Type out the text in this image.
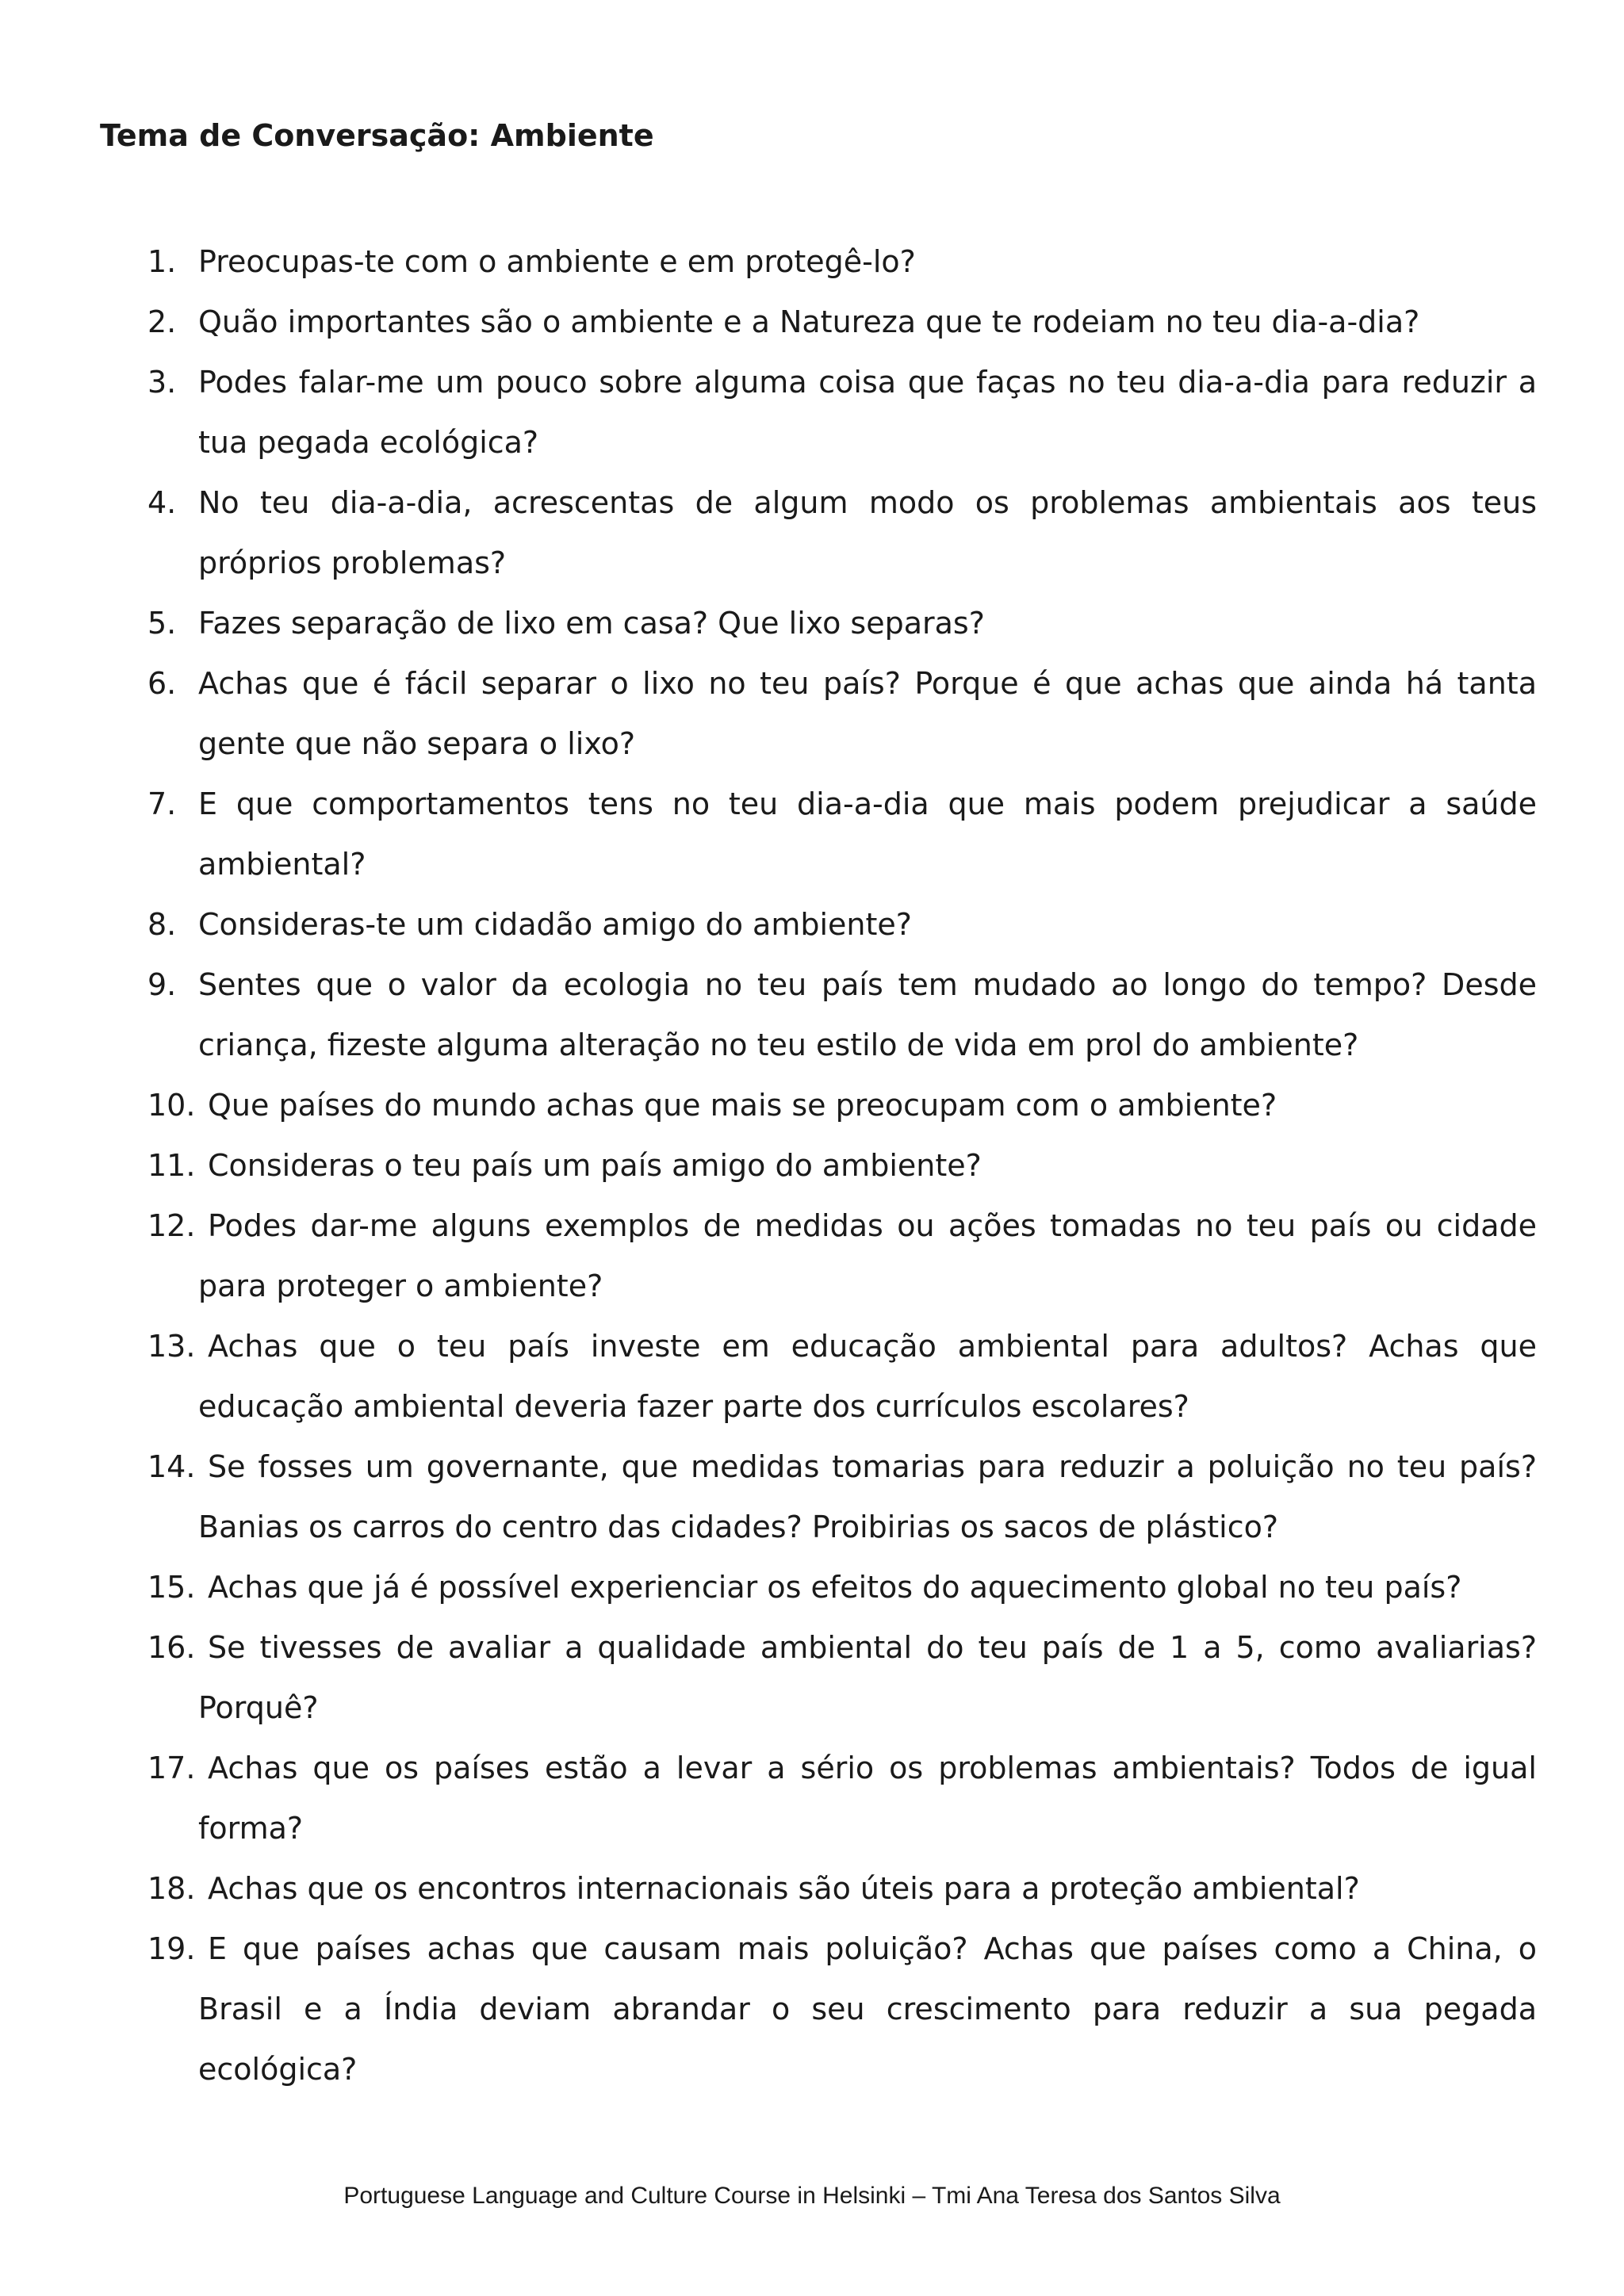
Tema de Conversação: Ambiente
1. Preocupas-te com o ambiente e em protegê-lo?
2. Quão importantes são o ambiente e a Natureza que te rodeiam no teu dia-a-dia?
3. Podes falar-me um pouco sobre alguma coisa que faças no teu dia-a-dia para reduzir a tua pegada ecológica?
4. No teu dia-a-dia, acrescentas de algum modo os problemas ambientais aos teus próprios problemas?
5. Fazes separação de lixo em casa? Que lixo separas?
6. Achas que é fácil separar o lixo no teu país? Porque é que achas que ainda há tanta gente que não separa o lixo?
7. E que comportamentos tens no teu dia-a-dia que mais podem prejudicar a saúde ambiental?
8. Consideras-te um cidadão amigo do ambiente?
9. Sentes que o valor da ecologia no teu país tem mudado ao longo do tempo? Desde criança, fizeste alguma alteração no teu estilo de vida em prol do ambiente?
10. Que países do mundo achas que mais se preocupam com o ambiente?
11. Consideras o teu país um país amigo do ambiente?
12. Podes dar-me alguns exemplos de medidas ou ações tomadas no teu país ou cidade para proteger o ambiente?
13. Achas que o teu país investe em educação ambiental para adultos? Achas que educação ambiental deveria fazer parte dos currículos escolares?
14. Se fosses um governante, que medidas tomarias para reduzir a poluição no teu país? Banias os carros do centro das cidades? Proibirias os sacos de plástico?
15. Achas que já é possível experienciar os efeitos do aquecimento global no teu país?
16. Se tivesses de avaliar a qualidade ambiental do teu país de 1 a 5, como avaliarias? Porquê?
17. Achas que os países estão a levar a sério os problemas ambientais? Todos de igual forma?
18. Achas que os encontros internacionais são úteis para a proteção ambiental?
19. E que países achas que causam mais poluição? Achas que países como a China, o Brasil e a Índia deviam abrandar o seu crescimento para reduzir a sua pegada ecológica?
Portuguese Language and Culture Course in Helsinki – Tmi Ana Teresa dos Santos Silva
